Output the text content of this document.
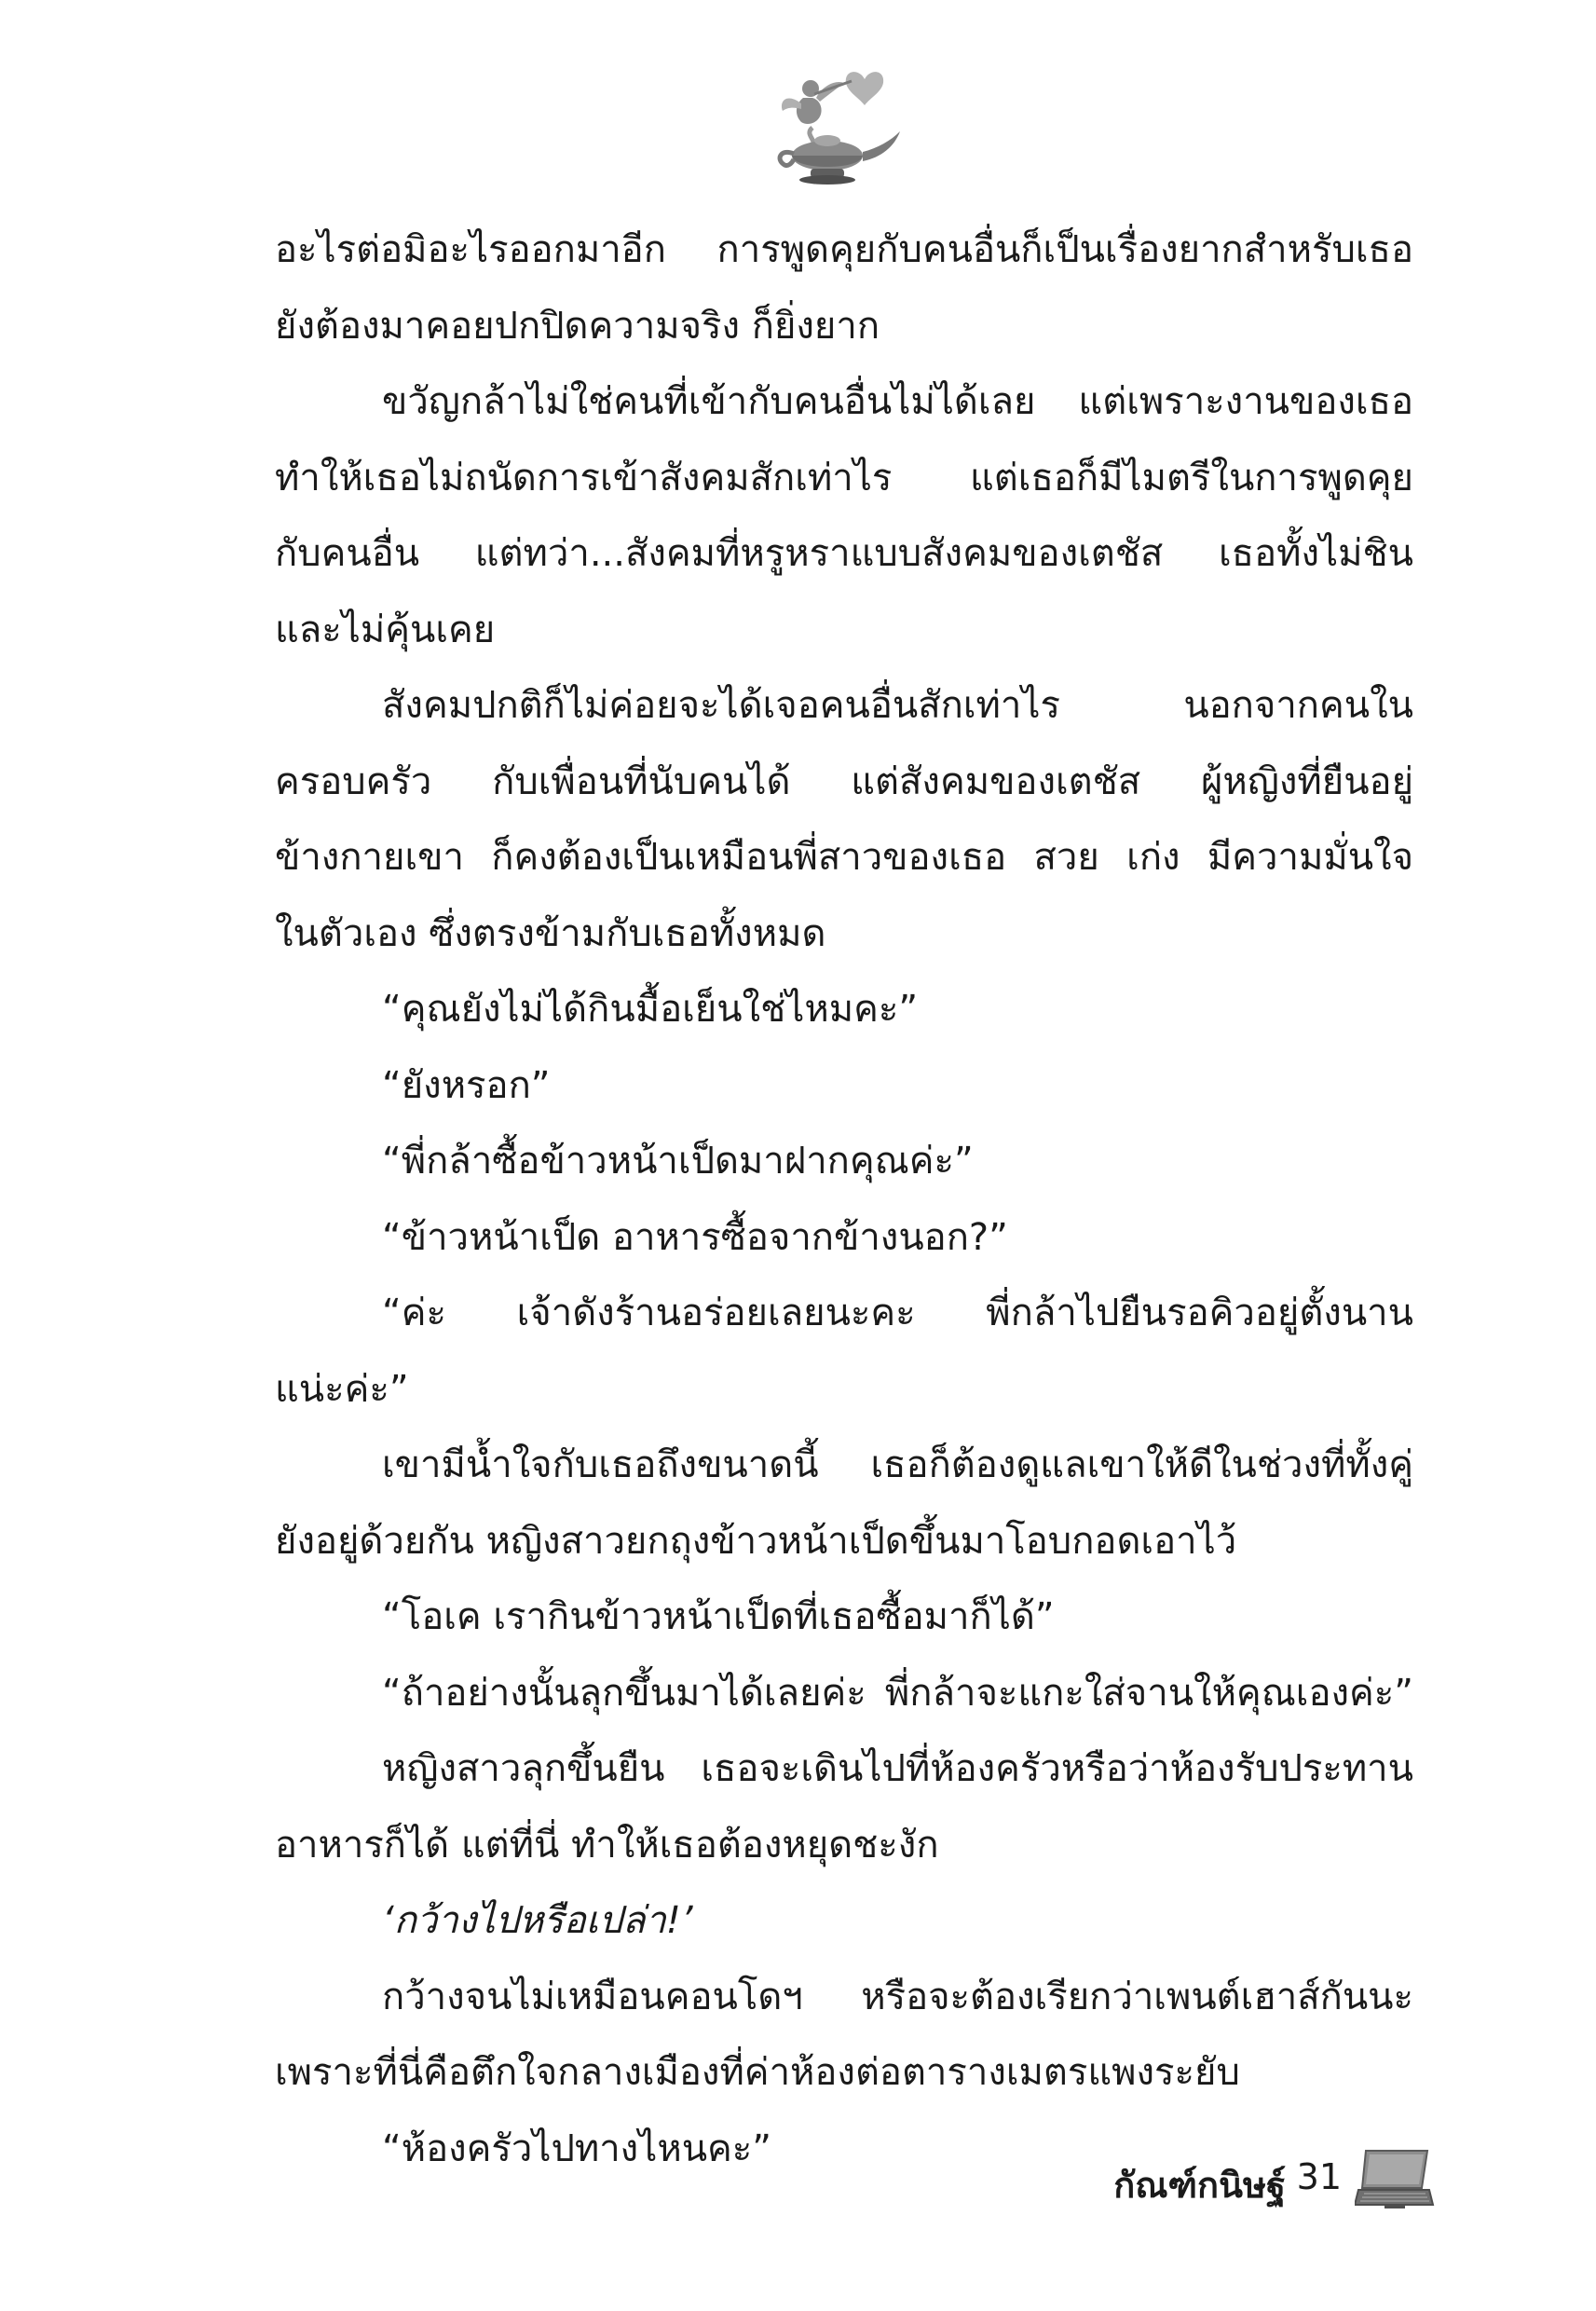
อะไรต่อมิอะไรออกมาอีก การพูดคุยกับคนอื่นก็เป็นเรื่องยากสำหรับเธอ
ยังต้องมาคอยปกปิดความจริง ก็ยิ่งยาก
ขวัญกล้าไม่ใช่คนที่เข้ากับคนอื่นไม่ได้เลย แต่เพราะงานของเธอ
ทำให้เธอไม่ถนัดการเข้าสังคมสักเท่าไร แต่เธอก็มีไมตรีในการพูดคุย
กับคนอื่น แต่ทว่า...สังคมที่หรูหราแบบสังคมของเตชัส เธอทั้งไม่ชิน
และไม่คุ้นเคย
สังคมปกติก็ไม่ค่อยจะได้เจอคนอื่นสักเท่าไร นอกจากคนใน
ครอบครัว กับเพื่อนที่นับคนได้ แต่สังคมของเตชัส ผู้หญิงที่ยืนอยู่
ข้างกายเขา ก็คงต้องเป็นเหมือนพี่สาวของเธอ สวย เก่ง มีความมั่นใจ
ในตัวเอง ซึ่งตรงข้ามกับเธอทั้งหมด
“คุณยังไม่ได้กินมื้อเย็นใช่ไหมคะ”
“ยังหรอก”
“พี่กล้าซื้อข้าวหน้าเป็ดมาฝากคุณค่ะ”
“ข้าวหน้าเป็ด อาหารซื้อจากข้างนอก?”
“ค่ะ เจ้าดังร้านอร่อยเลยนะคะ พี่กล้าไปยืนรอคิวอยู่ตั้งนาน
แน่ะค่ะ”
เขามีน้ำใจกับเธอถึงขนาดนี้ เธอก็ต้องดูแลเขาให้ดีในช่วงที่ทั้งคู่
ยังอยู่ด้วยกัน หญิงสาวยกถุงข้าวหน้าเป็ดขึ้นมาโอบกอดเอาไว้
“โอเค เรากินข้าวหน้าเป็ดที่เธอซื้อมาก็ได้”
“ถ้าอย่างนั้นลุกขึ้นมาได้เลยค่ะ พี่กล้าจะแกะใส่จานให้คุณเองค่ะ”
หญิงสาวลุกขึ้นยืน เธอจะเดินไปที่ห้องครัวหรือว่าห้องรับประทาน
อาหารก็ได้ แต่ที่นี่ ทำให้เธอต้องหยุดชะงัก
‘กว้างไปหรือเปล่า!’
กว้างจนไม่เหมือนคอนโดฯ หรือจะต้องเรียกว่าเพนต์เฮาส์กันนะ
เพราะที่นี่คือตึกใจกลางเมืองที่ค่าห้องต่อตารางเมตรแพงระยับ
“ห้องครัวไปทางไหนคะ”
กัณฑ์กนิษฐ์ 31
